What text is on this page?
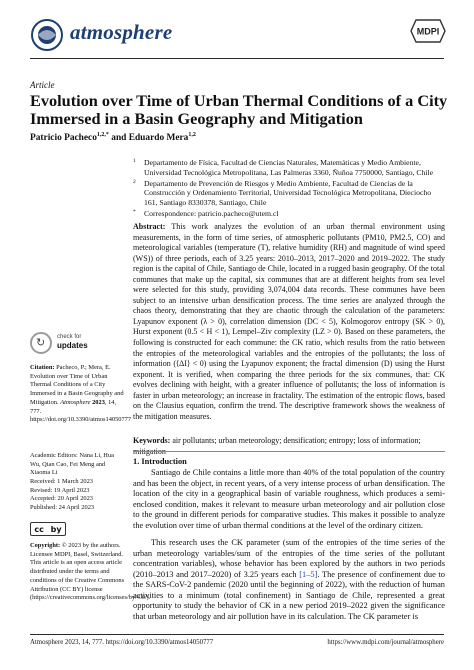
atmosphere	MDPI
Article
Evolution over Time of Urban Thermal Conditions of a City Immersed in a Basin Geography and Mitigation
Patricio Pacheco$^{1,2,*}$ and Eduardo Mera$^{1,2}$
1	Departamento de Física, Facultad de Ciencias Naturales, Matemáticas y Medio Ambiente, Universidad Tecnológica Metropolitana, Las Palmeras 3360, Ñuñoa 7750000, Santiago, Chile
2	Departamento de Prevención de Riesgos y Medio Ambiente, Facultad de Ciencias de la Construcción y Ordenamiento Territorial, Universidad Tecnológica Metropolitana, Dieciocho 161, Santiago 8330378, Santiago, Chile
*	Correspondence: patricio.pacheco@utem.cl
Abstract: This work analyzes the evolution of an urban thermal environment using measurements, in the form of time series, of atmospheric pollutants (PM10, PM2.5, CO) and meteorological variables (temperature (T), relative humidity (RH) and magnitude of wind speed (WS)) of three periods, each of 3.25 years: 2010–2013, 2017–2020 and 2019–2022. The study region is the capital of Chile, Santiago de Chile, located in a rugged basin geography. Of the total communes that make up the capital, six communes that are at different heights from sea level were selected for this study, providing 3,074,004 data records. These communes have been subject to an intensive urban densification process. The time series are analyzed through the chaos theory, demonstrating that they are chaotic through the calculation of the parameters: Lyapunov exponent (λ > 0), correlation dimension (DC < 5), Kolmogorov entropy (SK > 0), Hurst exponent (0.5 < H < 1), Lempel–Ziv complexity (LZ > 0). Based on these parameters, the following is constructed for each commune: the CK ratio, which results from the ratio between the entropies of the meteorological variables and the entropies of the pollutants; the loss of information (⟨ΔI⟩ < 0) using the Lyapunov exponent; the fractal dimension (D) using the Hurst exponent. It is verified, when comparing the three periods for the six communes, that: CK evolves declining with height, with a greater influence of pollutants; the loss of information is faster in urban meteorology; an increase in fractality. The estimation of the entropic flows, based on the Clausius equation, confirm the trend. The descriptive framework shows the weakness of the mitigation measures.
Keywords: air pollutants; urban meteorology; densification; entropy; loss of information; mitigation
1. Introduction
Santiago de Chile contains a little more than 40% of the total population of the country and has been the object, in recent years, of a very intense process of urban densification. The location of the city in a geographical basin of variable roughness, which produces a semi-enclosed condition, makes it relevant to measure urban meteorology and air pollution close to the ground in different periods for comparative studies. This makes it possible to analyze the evolution over time of urban thermal conditions at the level of the ordinary citizen.
This research uses the CK parameter (sum of the entropies of the time series of the urban meteorology variables/sum of the entropies of the time series of the pollutant concentration variables), whose behavior has been explored by the authors in two periods (2010–2013 and 2017–2020) of 3.25 years each [1–5]. The presence of confinement due to the SARS-CoV-2 pandemic (2020 until the beginning of 2022), with the reduction of human activities to a minimum (total confinement) in Santiago de Chile, represented a great opportunity to study the behavior of CK in a new period 2019–2022 given the significance that urban meteorology and air pollution have in its calculation. The CK parameter is
↻ check for
updates
Citation: Pacheco, P.; Mera, E. Evolution over Time of Urban Thermal Conditions of a City Immersed in a Basin Geography and Mitigation. Atmosphere 2023, 14, 777. https://doi.org/10.3390/atmos14050777
Academic Editors: Nana Li, Hua Wu, Qian Cao, Fei Meng and Xiaoma Li
Received: 1 March 2023
Revised: 19 April 2023
Accepted: 20 April 2023
Published: 24 April 2023
cc by
Copyright: © 2023 by the authors. Licensee MDPI, Basel, Switzerland. This article is an open access article distributed under the terms and conditions of the Creative Commons Attribution (CC BY) license (https://creativecommons.org/licenses/by/4.0/).
Atmosphere 2023, 14, 777. https://doi.org/10.3390/atmos14050777	https://www.mdpi.com/journal/atmosphere
